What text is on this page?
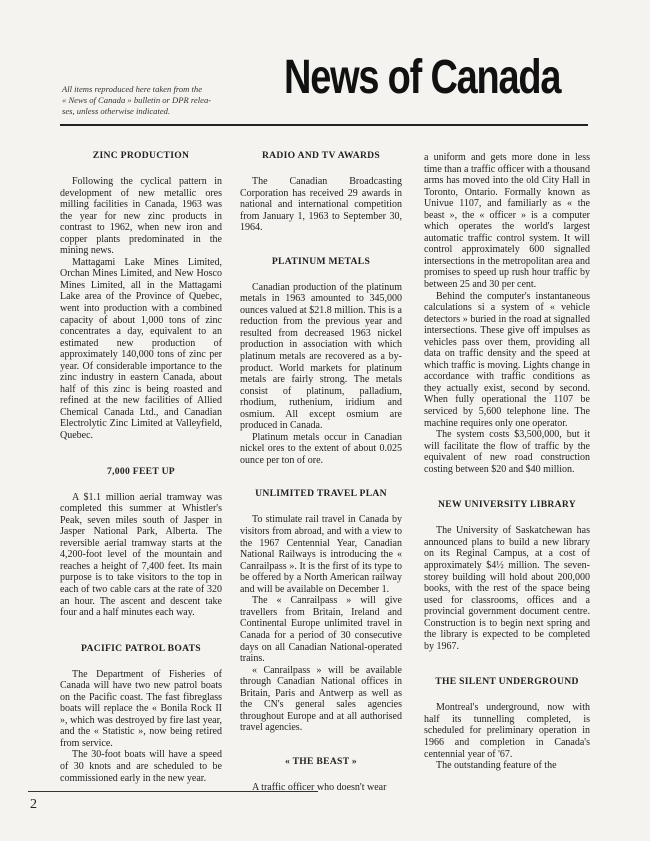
All items reproduced here taken from the

« News of Canada » bulletin or DPR relea-

ses, unless otherwise indicated.

News of Canada
ZINC PRODUCTION

Following the cyclical pattern in development of new metallic ores milling facilities in Canada, 1963 was the year for new zinc products in contrast to 1962, when new iron and copper plants predominated in the mining news.

Mattagami Lake Mines Limited, Orchan Mines Limited, and New Hosco Mines Limited, all in the Mattagami Lake area of the Province of Quebec, went into production with a combined capacity of about 1,000 tons of zinc concentrates a day, equivalent to an estimated new production of approximately 140,000 tons of zinc per year. Of considerable importance to the zinc industry in eastern Canada, about half of this zinc is being roasted and refined at the new facilities of Allied Chemical Canada Ltd., and Canadian Electrolytic Zinc Limited at Valleyfield, Quebec.

7,000 FEET UP

A $1.1 million aerial tramway was completed this summer at Whistler's Peak, seven miles south of Jasper in Jasper National Park, Alberta. The reversible aerial tramway starts at the 4,200-foot level of the mountain and reaches a height of 7,400 feet. Its main purpose is to take visitors to the top in each of two cable cars at the rate of 320 an hour. The ascent and descent take four and a half minutes each way.

PACIFIC PATROL BOATS

The Department of Fisheries of Canada will have two new patrol boats on the Pacific coast. The fast fibreglass boats will replace the « Bonila Rock II », which was destroyed by fire last year, and the « Statistic », now being retired from service.

The 30-foot boats will have a speed of 30 knots and are scheduled to be commissioned early in the new year.

RADIO AND TV AWARDS

The Canadian Broadcasting Corporation has received 29 awards in national and international competition from January 1, 1963 to September 30, 1964.

PLATINUM METALS

Canadian production of the platinum metals in 1963 amounted to 345,000 ounces valued at $21.8 million. This is a reduction from the previous year and resulted from decreased 1963 nickel production in association with which platinum metals are recovered as a by-product. World markets for platinum metals are fairly strong. The metals consist of platinum, palladium, rhodium, ruthenium, iridium and osmium. All except osmium are produced in Canada.

Platinum metals occur in Canadian nickel ores to the extent of about 0.025 ounce per ton of ore.

UNLIMITED TRAVEL PLAN

To stimulate rail travel in Canada by visitors from abroad, and with a view to the 1967 Centennial Year, Canadian National Railways is introducing the « Canrailpass ». It is the first of its type to be offered by a North American railway and will be available on December 1.

The « Canrailpass » will give travellers from Britain, Ireland and Continental Europe unlimited travel in Canada for a period of 30 consecutive days on all Canadian National-operated trains.

« Canrailpass » will be available through Canadian National offices in Britain, Paris and Antwerp as well as the CN's general sales agencies throughout Europe and at all authorised travel agencies.

« THE BEAST »

A traffic officer who doesn't wear

a uniform and gets more done in less time than a traffic officer with a thousand arms has moved into the old City Hall in Toronto, Ontario. Formally known as Univue 1107, and familiarly as « the beast », the « officer » is a computer which operates the world's largest automatic traffic control system. It will control approximately 600 signalled intersections in the metropolitan area and promises to speed up rush hour traffic by between 25 and 30 per cent.

Behind the computer's instantaneous calculations si a system of « vehicle detectors » buried in the road at signalled intersections. These give off impulses as vehicles pass over them, providing all data on traffic density and the speed at which traffic is moving. Lights change in accordance with traffic conditions as they actually exist, second by second. When fully operational the 1107 be serviced by 5,600 telephone line. The machine requires only one operator.

The system costs $3,500,000, but it will facilitate the flow of traffic by the equivalent of new road construction costing between $20 and $40 million.

NEW UNIVERSITY LIBRARY

The University of Saskatchewan has announced plans to build a new library on its Reginal Campus, at a cost of approximately $4½ million. The seven-storey building will hold about 200,000 books, with the rest of the space being used for classrooms, offices and a provincial government document centre. Construction is to begin next spring and the library is expected to be completed by 1967.

THE SILENT UNDERGROUND

Montreal's underground, now with half its tunnelling completed, is scheduled for preliminary operation in 1966 and completion in Canada's centennial year of '67.

The outstanding feature of the

2
